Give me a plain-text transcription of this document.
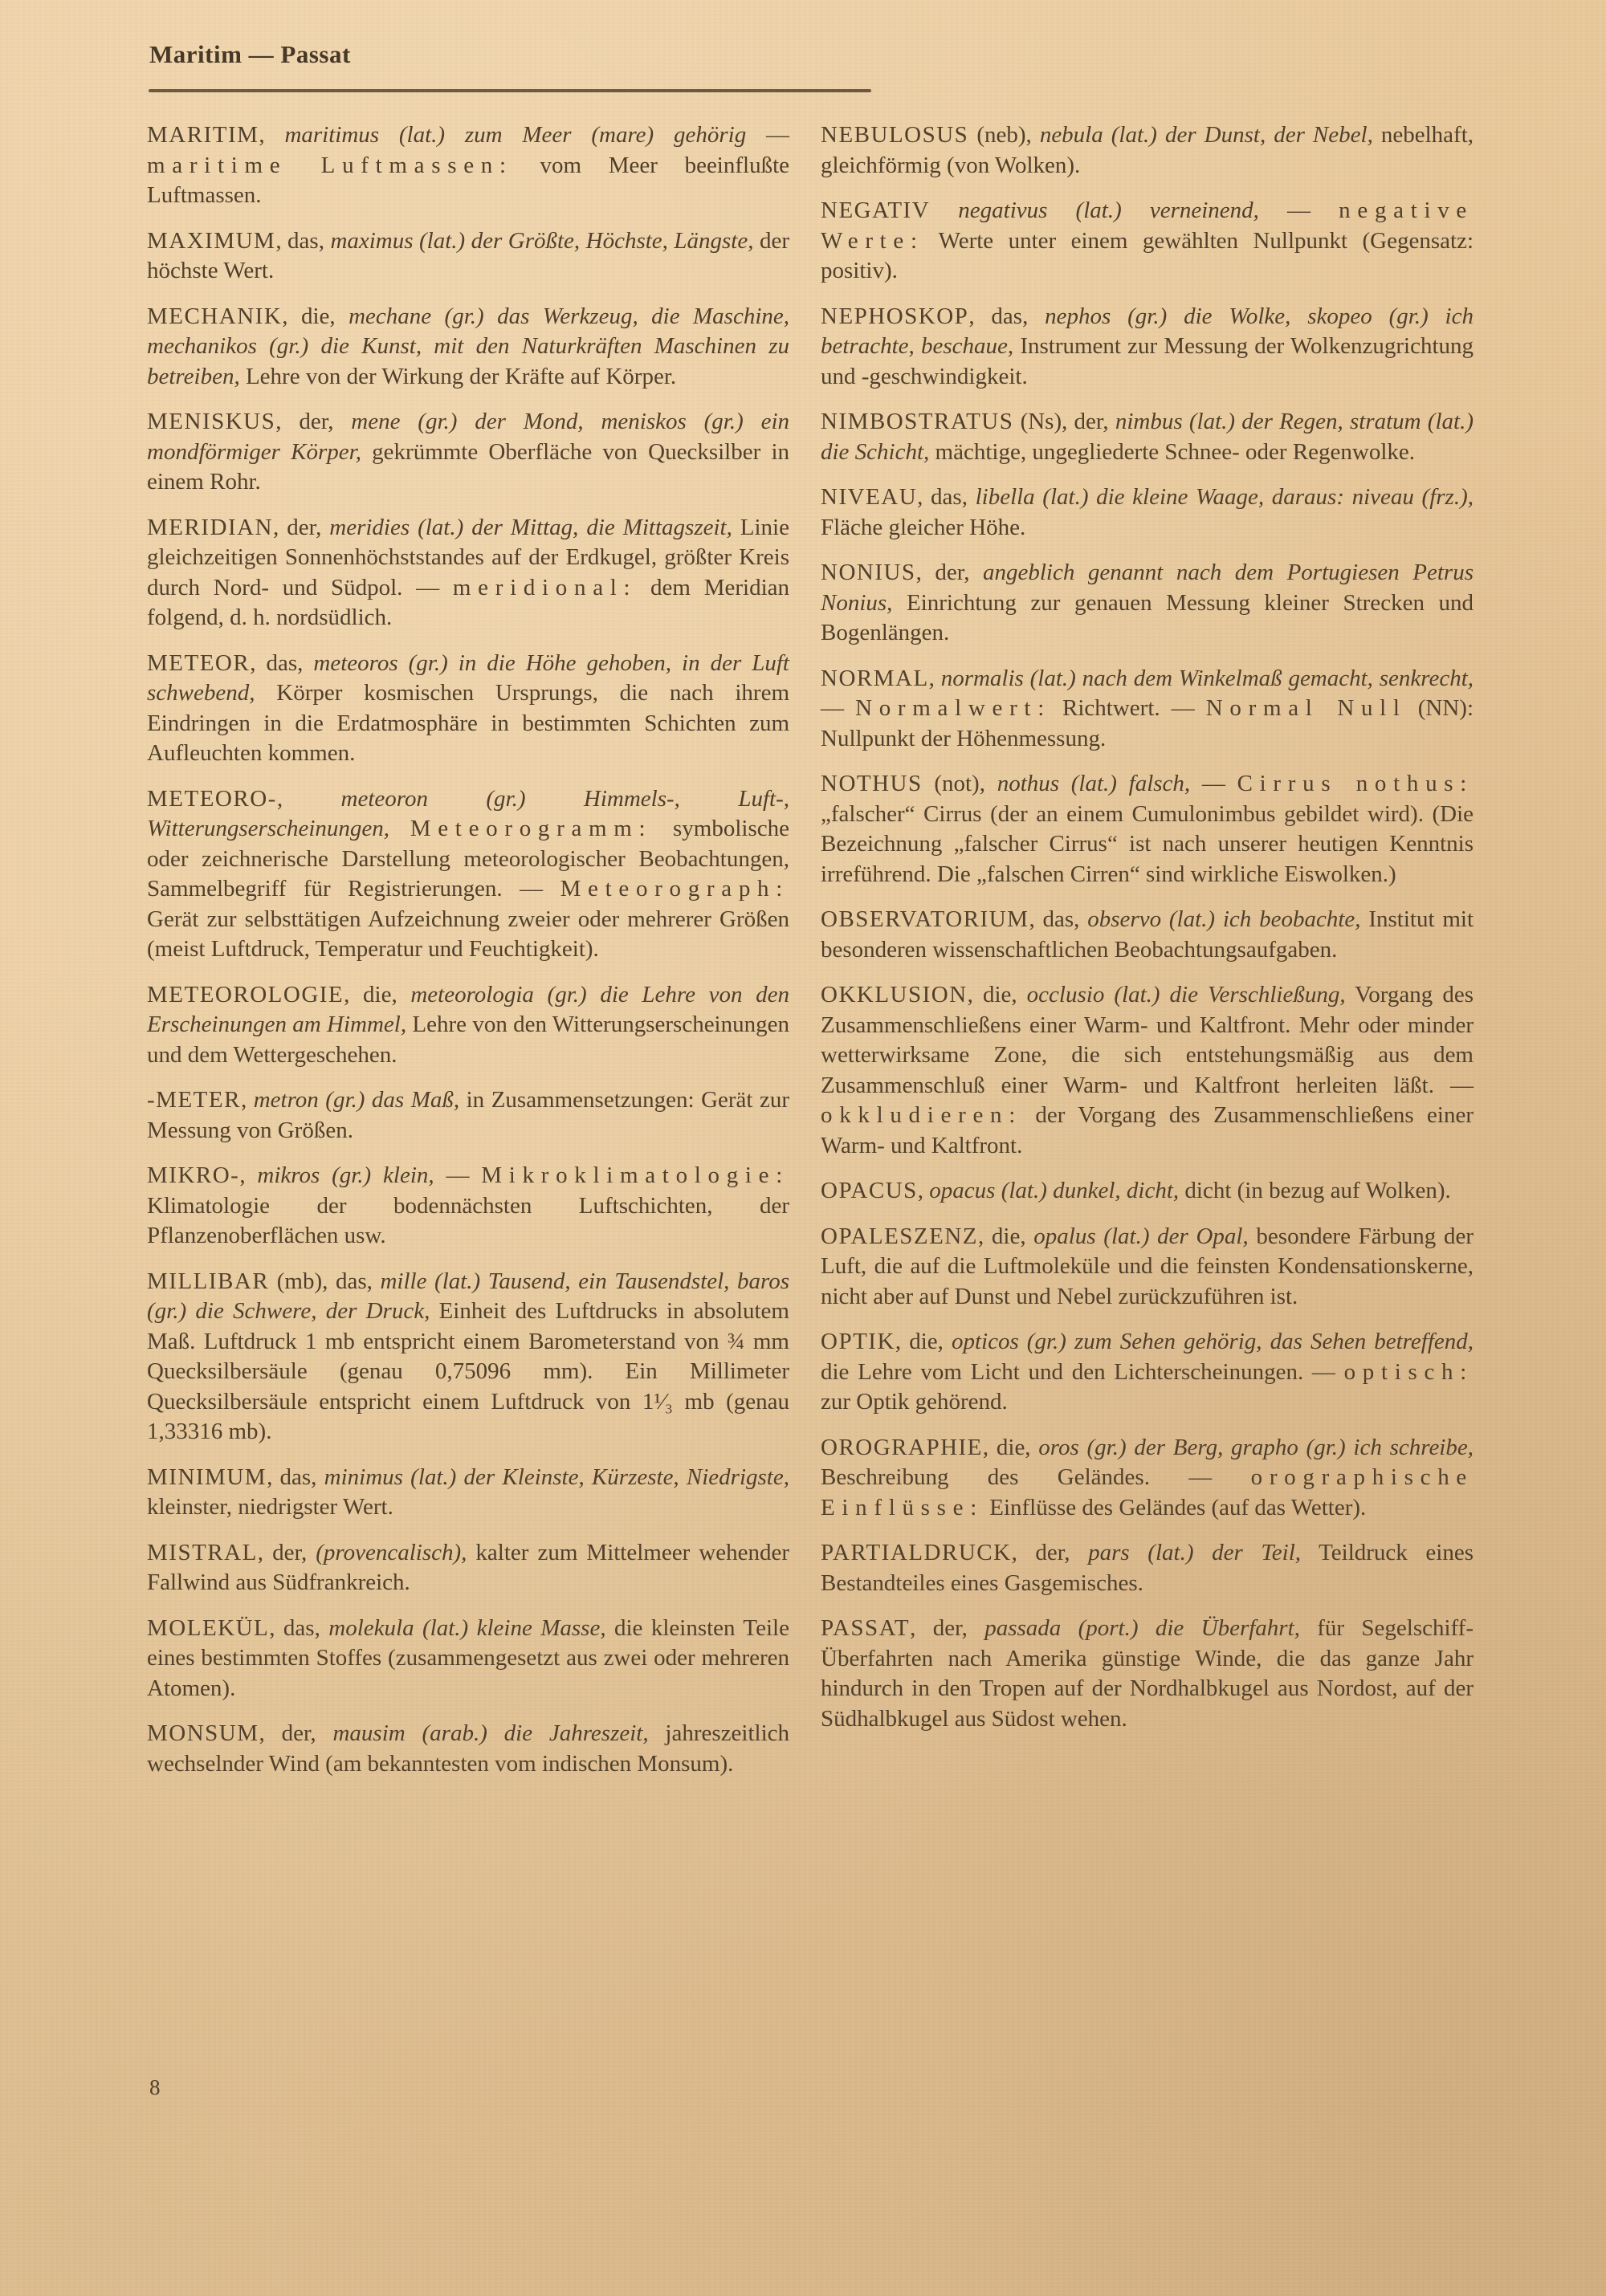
Maritim — Passat

MARITIM, maritimus (lat.) zum Meer (mare) gehörig — maritime Luftmassen: vom Meer beeinflußte Luftmassen.

MAXIMUM, das, maximus (lat.) der Größte, Höchste, Längste, der höchste Wert.

MECHANIK, die, mechane (gr.) das Werkzeug, die Maschine, mechanikos (gr.) die Kunst, mit den Naturkräften Maschinen zu betreiben, Lehre von der Wirkung der Kräfte auf Körper.

MENISKUS, der, mene (gr.) der Mond, meniskos (gr.) ein mondförmiger Körper, gekrümmte Oberfläche von Quecksilber in einem Rohr.

MERIDIAN, der, meridies (lat.) der Mittag, die Mittagszeit, Linie gleichzeitigen Sonnenhöchststandes auf der Erdkugel, größter Kreis durch Nord- und Südpol. — meridional: dem Meridian folgend, d. h. nordsüdlich.

METEOR, das, meteoros (gr.) in die Höhe gehoben, in der Luft schwebend, Körper kosmischen Ursprungs, die nach ihrem Eindringen in die Erdatmosphäre in bestimmten Schichten zum Aufleuchten kommen.

METEORO-, meteoron (gr.) Himmels-, Luft-, Witterungserscheinungen, Meteorogramm: symbolische oder zeichnerische Darstellung meteorologischer Beobachtungen, Sammelbegriff für Registrierungen. — Meteorograph: Gerät zur selbsttätigen Aufzeichnung zweier oder mehrerer Größen (meist Luftdruck, Temperatur und Feuchtigkeit).

METEOROLOGIE, die, meteorologia (gr.) die Lehre von den Erscheinungen am Himmel, Lehre von den Witterungserscheinungen und dem Wettergeschehen.

-METER, metron (gr.) das Maß, in Zusammensetzungen: Gerät zur Messung von Größen.

MIKRO-, mikros (gr.) klein, — Mikroklimatologie: Klimatologie der bodennächsten Luftschichten, der Pflanzenoberflächen usw.

MILLIBAR (mb), das, mille (lat.) Tausend, ein Tausendstel, baros (gr.) die Schwere, der Druck, Einheit des Luftdrucks in absolutem Maß. Luftdruck 1 mb entspricht einem Barometerstand von ¾ mm Quecksilbersäule (genau 0,75096 mm). Ein Millimeter Quecksilbersäule entspricht einem Luftdruck von 1¹⁄₃ mb (genau 1,33316 mb).

MINIMUM, das, minimus (lat.) der Kleinste, Kürzeste, Niedrigste, kleinster, niedrigster Wert.

MISTRAL, der, (provencalisch), kalter zum Mittelmeer wehender Fallwind aus Südfrankreich.

MOLEKÜL, das, molekula (lat.) kleine Masse, die kleinsten Teile eines bestimmten Stoffes (zusammengesetzt aus zwei oder mehreren Atomen).

MONSUM, der, mausim (arab.) die Jahreszeit, jahreszeitlich wechselnder Wind (am bekanntesten vom indischen Monsum).

NEBULOSUS (neb), nebula (lat.) der Dunst, der Nebel, nebelhaft, gleichförmig (von Wolken).

NEGATIV negativus (lat.) verneinend, — negative Werte: Werte unter einem gewählten Nullpunkt (Gegensatz: positiv).

NEPHOSKOP, das, nephos (gr.) die Wolke, skopeo (gr.) ich betrachte, beschaue, Instrument zur Messung der Wolkenzugrichtung und -geschwindigkeit.

NIMBOSTRATUS (Ns), der, nimbus (lat.) der Regen, stratum (lat.) die Schicht, mächtige, ungegliederte Schnee- oder Regenwolke.

NIVEAU, das, libella (lat.) die kleine Waage, daraus: niveau (frz.), Fläche gleicher Höhe.

NONIUS, der, angeblich genannt nach dem Portugiesen Petrus Nonius, Einrichtung zur genauen Messung kleiner Strecken und Bogenlängen.

NORMAL, normalis (lat.) nach dem Winkelmaß gemacht, senkrecht, — Normalwert: Richtwert. — Normal Null (NN): Nullpunkt der Höhenmessung.

NOTHUS (not), nothus (lat.) falsch, — Cirrus nothus: „falscher“ Cirrus (der an einem Cumulonimbus gebildet wird). (Die Bezeichnung „falscher Cirrus“ ist nach unserer heutigen Kenntnis irreführend. Die „falschen Cirren“ sind wirkliche Eiswolken.)

OBSERVATORIUM, das, observo (lat.) ich beobachte, Institut mit besonderen wissenschaftlichen Beobachtungsaufgaben.

OKKLUSION, die, occlusio (lat.) die Verschließung, Vorgang des Zusammenschließens einer Warm- und Kaltfront. Mehr oder minder wetterwirksame Zone, die sich entstehungsmäßig aus dem Zusammenschluß einer Warm- und Kaltfront herleiten läßt. — okkludieren: der Vorgang des Zusammenschließens einer Warm- und Kaltfront.

OPACUS, opacus (lat.) dunkel, dicht, dicht (in bezug auf Wolken).

OPALESZENZ, die, opalus (lat.) der Opal, besondere Färbung der Luft, die auf die Luftmoleküle und die feinsten Kondensationskerne, nicht aber auf Dunst und Nebel zurückzuführen ist.

OPTIK, die, opticos (gr.) zum Sehen gehörig, das Sehen betreffend, die Lehre vom Licht und den Lichterscheinungen. — optisch: zur Optik gehörend.

OROGRAPHIE, die, oros (gr.) der Berg, grapho (gr.) ich schreibe, Beschreibung des Geländes. — orographische Einflüsse: Einflüsse des Geländes (auf das Wetter).

PARTIALDRUCK, der, pars (lat.) der Teil, Teildruck eines Bestandteiles eines Gasgemisches.

PASSAT, der, passada (port.) die Überfahrt, für Segelschiff-Überfahrten nach Amerika günstige Winde, die das ganze Jahr hindurch in den Tropen auf der Nordhalbkugel aus Nordost, auf der Südhalbkugel aus Südost wehen.

8
